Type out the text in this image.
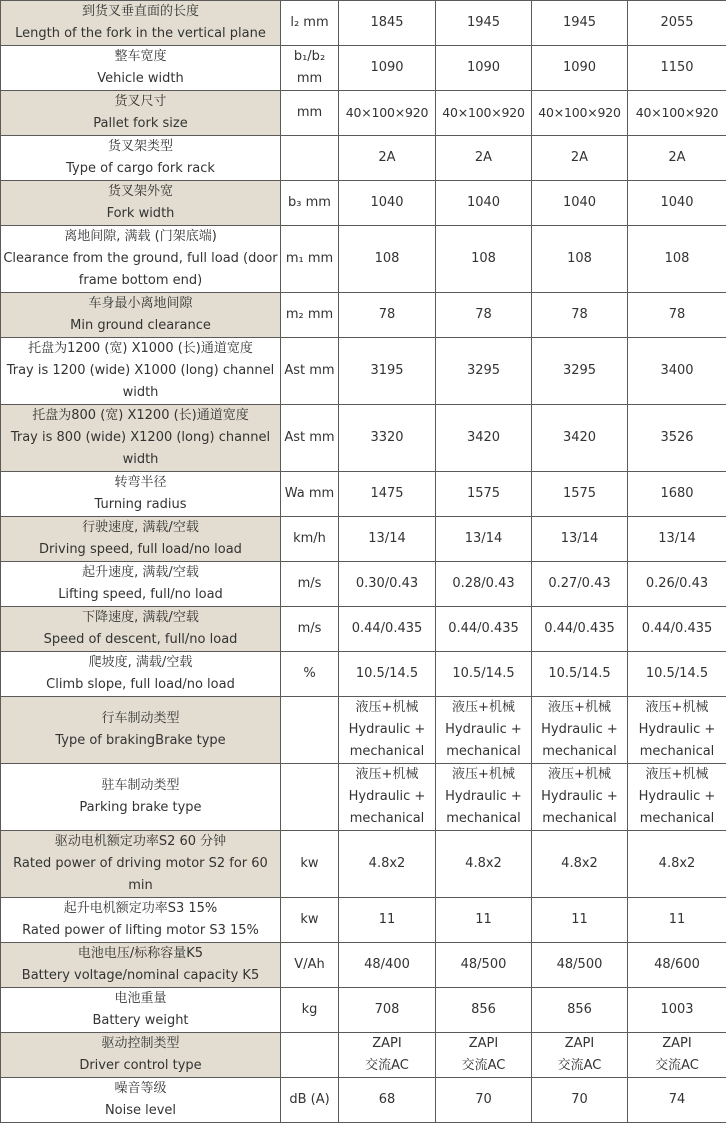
到货叉垂直面的长度
Length of the fork in the vertical plane	l₂ mm	1845	1945	1945	2055

整车宽度
Vehicle width	b₁/b₂ mm	1090	1090	1090	1150

货叉尺寸
Pallet fork size	mm	40×100×920	40×100×920	40×100×920	40×100×920

货叉架类型
Type of cargo fork rack		2A	2A	2A	2A

货叉架外宽
Fork width	b₃ mm	1040	1040	1040	1040

离地间隙, 满载 (门架底端)
Clearance from the ground, full load (door frame bottom end)	m₁ mm	108	108	108	108

车身最小离地间隙
Min ground clearance	m₂ mm	78	78	78	78

托盘为1200 (宽) X1000 (长)通道宽度
Tray is 1200 (wide) X1000 (long) channel width	Ast mm	3195	3295	3295	3400

托盘为800 (宽) X1200 (长)通道宽度
Tray is 800 (wide) X1200 (long) channel width	Ast mm	3320	3420	3420	3526

转弯半径
Turning radius	Wa mm	1475	1575	1575	1680

行驶速度, 满载/空载
Driving speed, full load/no load	km/h	13/14	13/14	13/14	13/14

起升速度, 满载/空载
Lifting speed, full/no load	m/s	0.30/0.43	0.28/0.43	0.27/0.43	0.26/0.43

下降速度, 满载/空载
Speed of descent, full/no load	m/s	0.44/0.435	0.44/0.435	0.44/0.435	0.44/0.435

爬坡度, 满载/空载
Climb slope, full load/no load	%	10.5/14.5	10.5/14.5	10.5/14.5	10.5/14.5

行车制动类型
Type of brakingBrake type		液压+机械
Hydraulic +
mechanical	液压+机械
Hydraulic +
mechanical	液压+机械
Hydraulic +
mechanical	液压+机械
Hydraulic +
mechanical

驻车制动类型
Parking brake type		液压+机械
Hydraulic +
mechanical	液压+机械
Hydraulic +
mechanical	液压+机械
Hydraulic +
mechanical	液压+机械
Hydraulic +
mechanical

驱动电机额定功率S2 60 分钟
Rated power of driving motor S2 for 60 min	kw	4.8x2	4.8x2	4.8x2	4.8x2

起升电机额定功率S3 15%
Rated power of lifting motor S3 15%	kw	11	11	11	11

电池电压/标称容量K5
Battery voltage/nominal capacity K5	V/Ah	48/400	48/500	48/500	48/600

电池重量
Battery weight	kg	708	856	856	1003

驱动控制类型
Driver control type		ZAPI
交流AC	ZAPI
交流AC	ZAPI
交流AC	ZAPI
交流AC

噪音等级
Noise level	dB (A)	68	70	70	74
